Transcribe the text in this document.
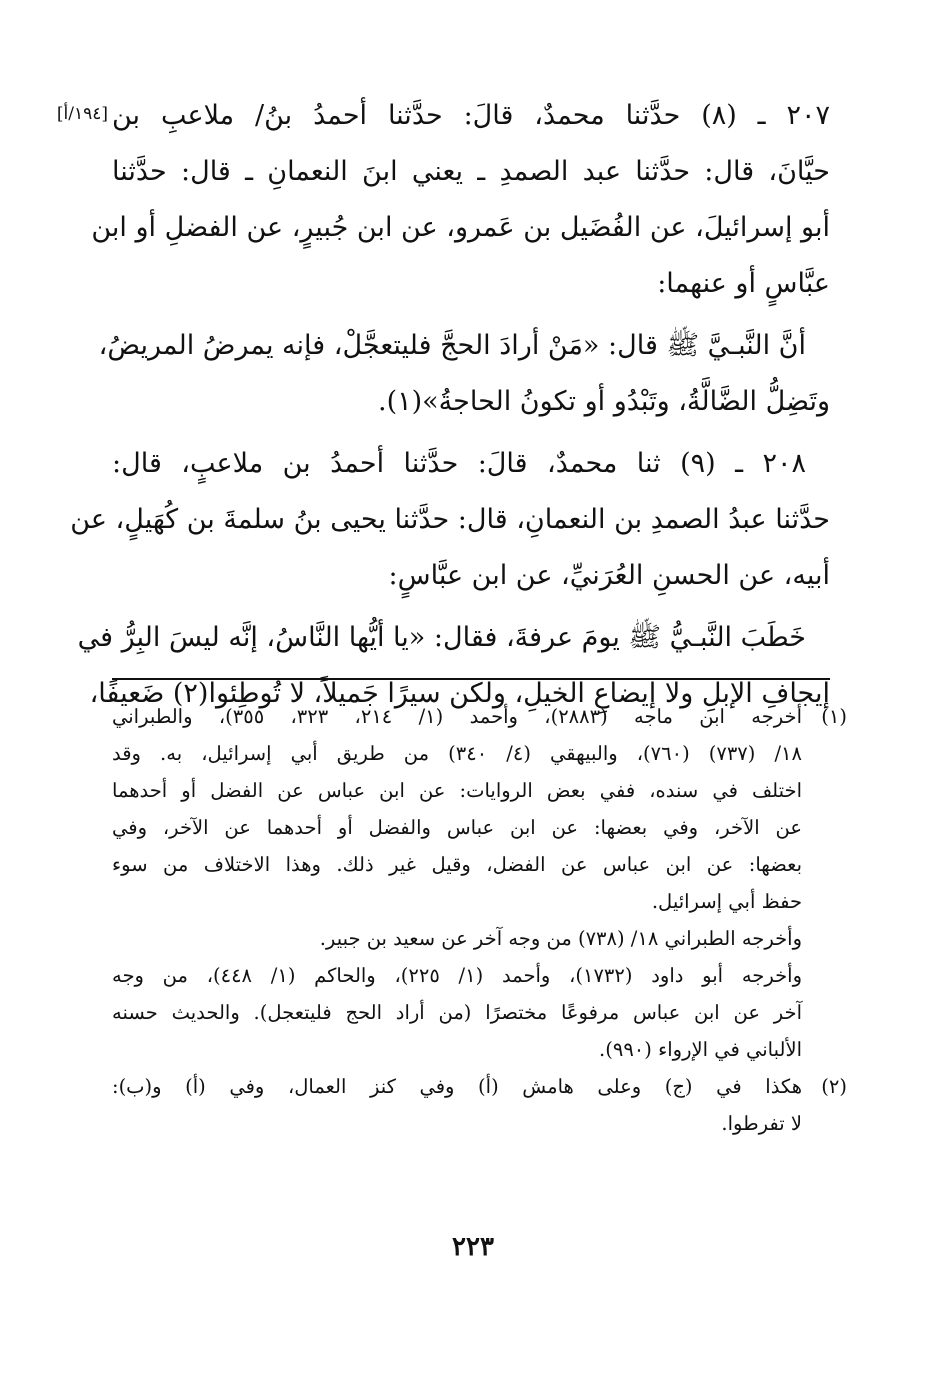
[١٩٤/أ] ٢٠٧ ـ (٨) حدَّثنا محمدٌ، قالَ: حدَّثنا أحمدُ بنُ/ ملاعبِ بن
حيَّانَ، قال: حدَّثنا عبد الصمدِ ـ يعني ابنَ النعمانِ ـ قال: حدَّثنا
أبو إسرائيلَ، عن الفُضَيل بن عَمرو، عن ابن جُبيرٍ، عن الفضلِ أو ابن
عبَّاسٍ أو عنهما:
أنَّ النَّبـيَّ ﷺ قال: «مَنْ أرادَ الحجَّ فليتعجَّلْ، فإنه يمرضُ المريضُ،
وتَضِلُّ الضَّالَّةُ، وتَبْدُو أو تكونُ الحاجةُ»(١).
٢٠٨ ـ (٩) ثنا محمدٌ، قالَ: حدَّثنا أحمدُ بن ملاعبٍ، قال:
حدَّثنا عبدُ الصمدِ بن النعمانِ، قال: حدَّثنا يحيى بنُ سلمةَ بن كُهَيلٍ، عن
أبيه، عن الحسنِ العُرَنيِّ، عن ابن عبَّاسٍ:
خَطَبَ النَّبـيُّ ﷺ يومَ عرفةَ، فقال: «يا أيُّها النَّاسُ، إنَّه ليسَ البِرُّ في
إيجافِ الإبلِ ولا إيضاعِ الخيلِ، ولكن سيرًا جَميلاً، لا تُوطِئوا(٢) ضَعيفًا،
(١)أخرجه ابن ماجه (٢٨٨٣)، وأحمد (١/ ٢١٤، ٣٢٣، ٣٥٥)، والطبراني
١٨/ (٧٣٧) (٧٦٠)، والبيهقي (٤/ ٣٤٠) من طريق أبي إسرائيل، به. وقد
اختلف في سنده، ففي بعض الروايات: عن ابن عباس عن الفضل أو أحدهما
عن الآخر، وفي بعضها: عن ابن عباس والفضل أو أحدهما عن الآخر، وفي
بعضها: عن ابن عباس عن الفضل، وقيل غير ذلك. وهذا الاختلاف من سوء
حفظ أبي إسرائيل.
وأخرجه الطبراني ١٨/ (٧٣٨) من وجه آخر عن سعيد بن جبير.
وأخرجه أبو داود (١٧٣٢)، وأحمد (١/ ٢٢٥)، والحاكم (١/ ٤٤٨)، من وجه
آخر عن ابن عباس مرفوعًا مختصرًا (من أراد الحج فليتعجل). والحديث حسنه
الألباني في الإرواء (٩٩٠).
(٢)هكذا في (ج) وعلى هامش (أ) وفي كنز العمال، وفي (أ) و(ب):
لا تفرطوا.
٢٢٣
